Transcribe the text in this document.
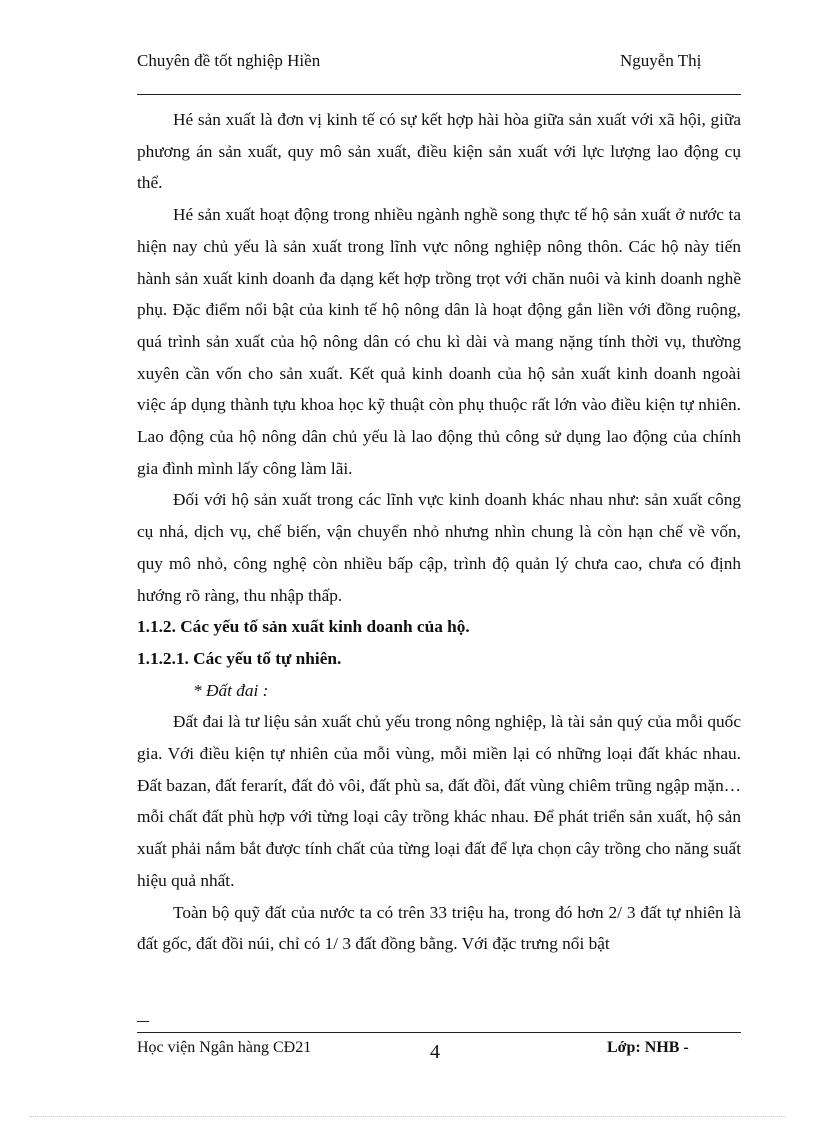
Chuyên đề tốt nghiệp Hiền	Nguyễn Thị

Hé sản xuất là đơn vị kinh tế có sự kết hợp hài hòa giữa sản xuất với xã hội, giữa phương án sản xuất, quy mô sản xuất, điều kiện sản xuất với lực lượng lao động cụ thể.

Hé sản xuất hoạt động trong nhiều ngành nghề song thực tế hộ sản xuất ở nước ta hiện nay chủ yếu là sản xuất trong lĩnh vực nông nghiệp nông thôn. Các hộ này tiến hành sản xuất kinh doanh đa dạng kết hợp trồng trọt với chăn nuôi và kinh doanh nghề phụ. Đặc điểm nổi bật của kinh tế hộ nông dân là hoạt động gắn liền với đồng ruộng, quá trình sản xuất của hộ nông dân có chu kì dài và mang nặng tính thời vụ, thường xuyên cần vốn cho sản xuất. Kết quả kinh doanh của hộ sản xuất kinh doanh ngoài việc áp dụng thành tựu khoa học kỹ thuật còn phụ thuộc rất lớn vào điều kiện tự nhiên. Lao động của hộ nông dân chủ yếu là lao động thủ công sử dụng lao động của chính gia đình mình lấy công làm lãi.

Đối với hộ sản xuất trong các lĩnh vực kinh doanh khác nhau như: sản xuất công cụ nhá, dịch vụ, chế biến, vận chuyển nhỏ nhưng nhìn chung là còn hạn chế về vốn, quy mô nhỏ, công nghệ còn nhiều bấp cập, trình độ quản lý chưa cao, chưa có định hướng rõ ràng, thu nhập thấp.

1.1.2. Các yếu tố sản xuất kinh doanh của hộ.

1.1.2.1. Các yếu tố tự nhiên.

* Đất đai :

Đất đai là tư liệu sản xuất chủ yếu trong nông nghiệp, là tài sản quý của mỗi quốc gia. Với điều kiện tự nhiên của mỗi vùng, mỗi miền lại có những loại đất khác nhau. Đất bazan, đất ferarít, đất đỏ vôi, đất phù sa, đất đồi, đất vùng chiêm trũng ngập mặn…mỗi chất đất phù hợp với từng loại cây trồng khác nhau. Để phát triển sản xuất, hộ sản xuất phải nắm bắt được tính chất của từng loại đất để lựa chọn cây trồng cho năng suất hiệu quả nhất.

Toàn bộ quỹ đất của nước ta có trên 33 triệu ha, trong đó hơn 2/ 3 đất tự nhiên là đất gốc, đất đồi núi, chỉ có 1/ 3 đất đồng bằng. Với đặc trưng nổi bật

Học viện Ngân hàng CĐ21	4	Lớp: NHB -
